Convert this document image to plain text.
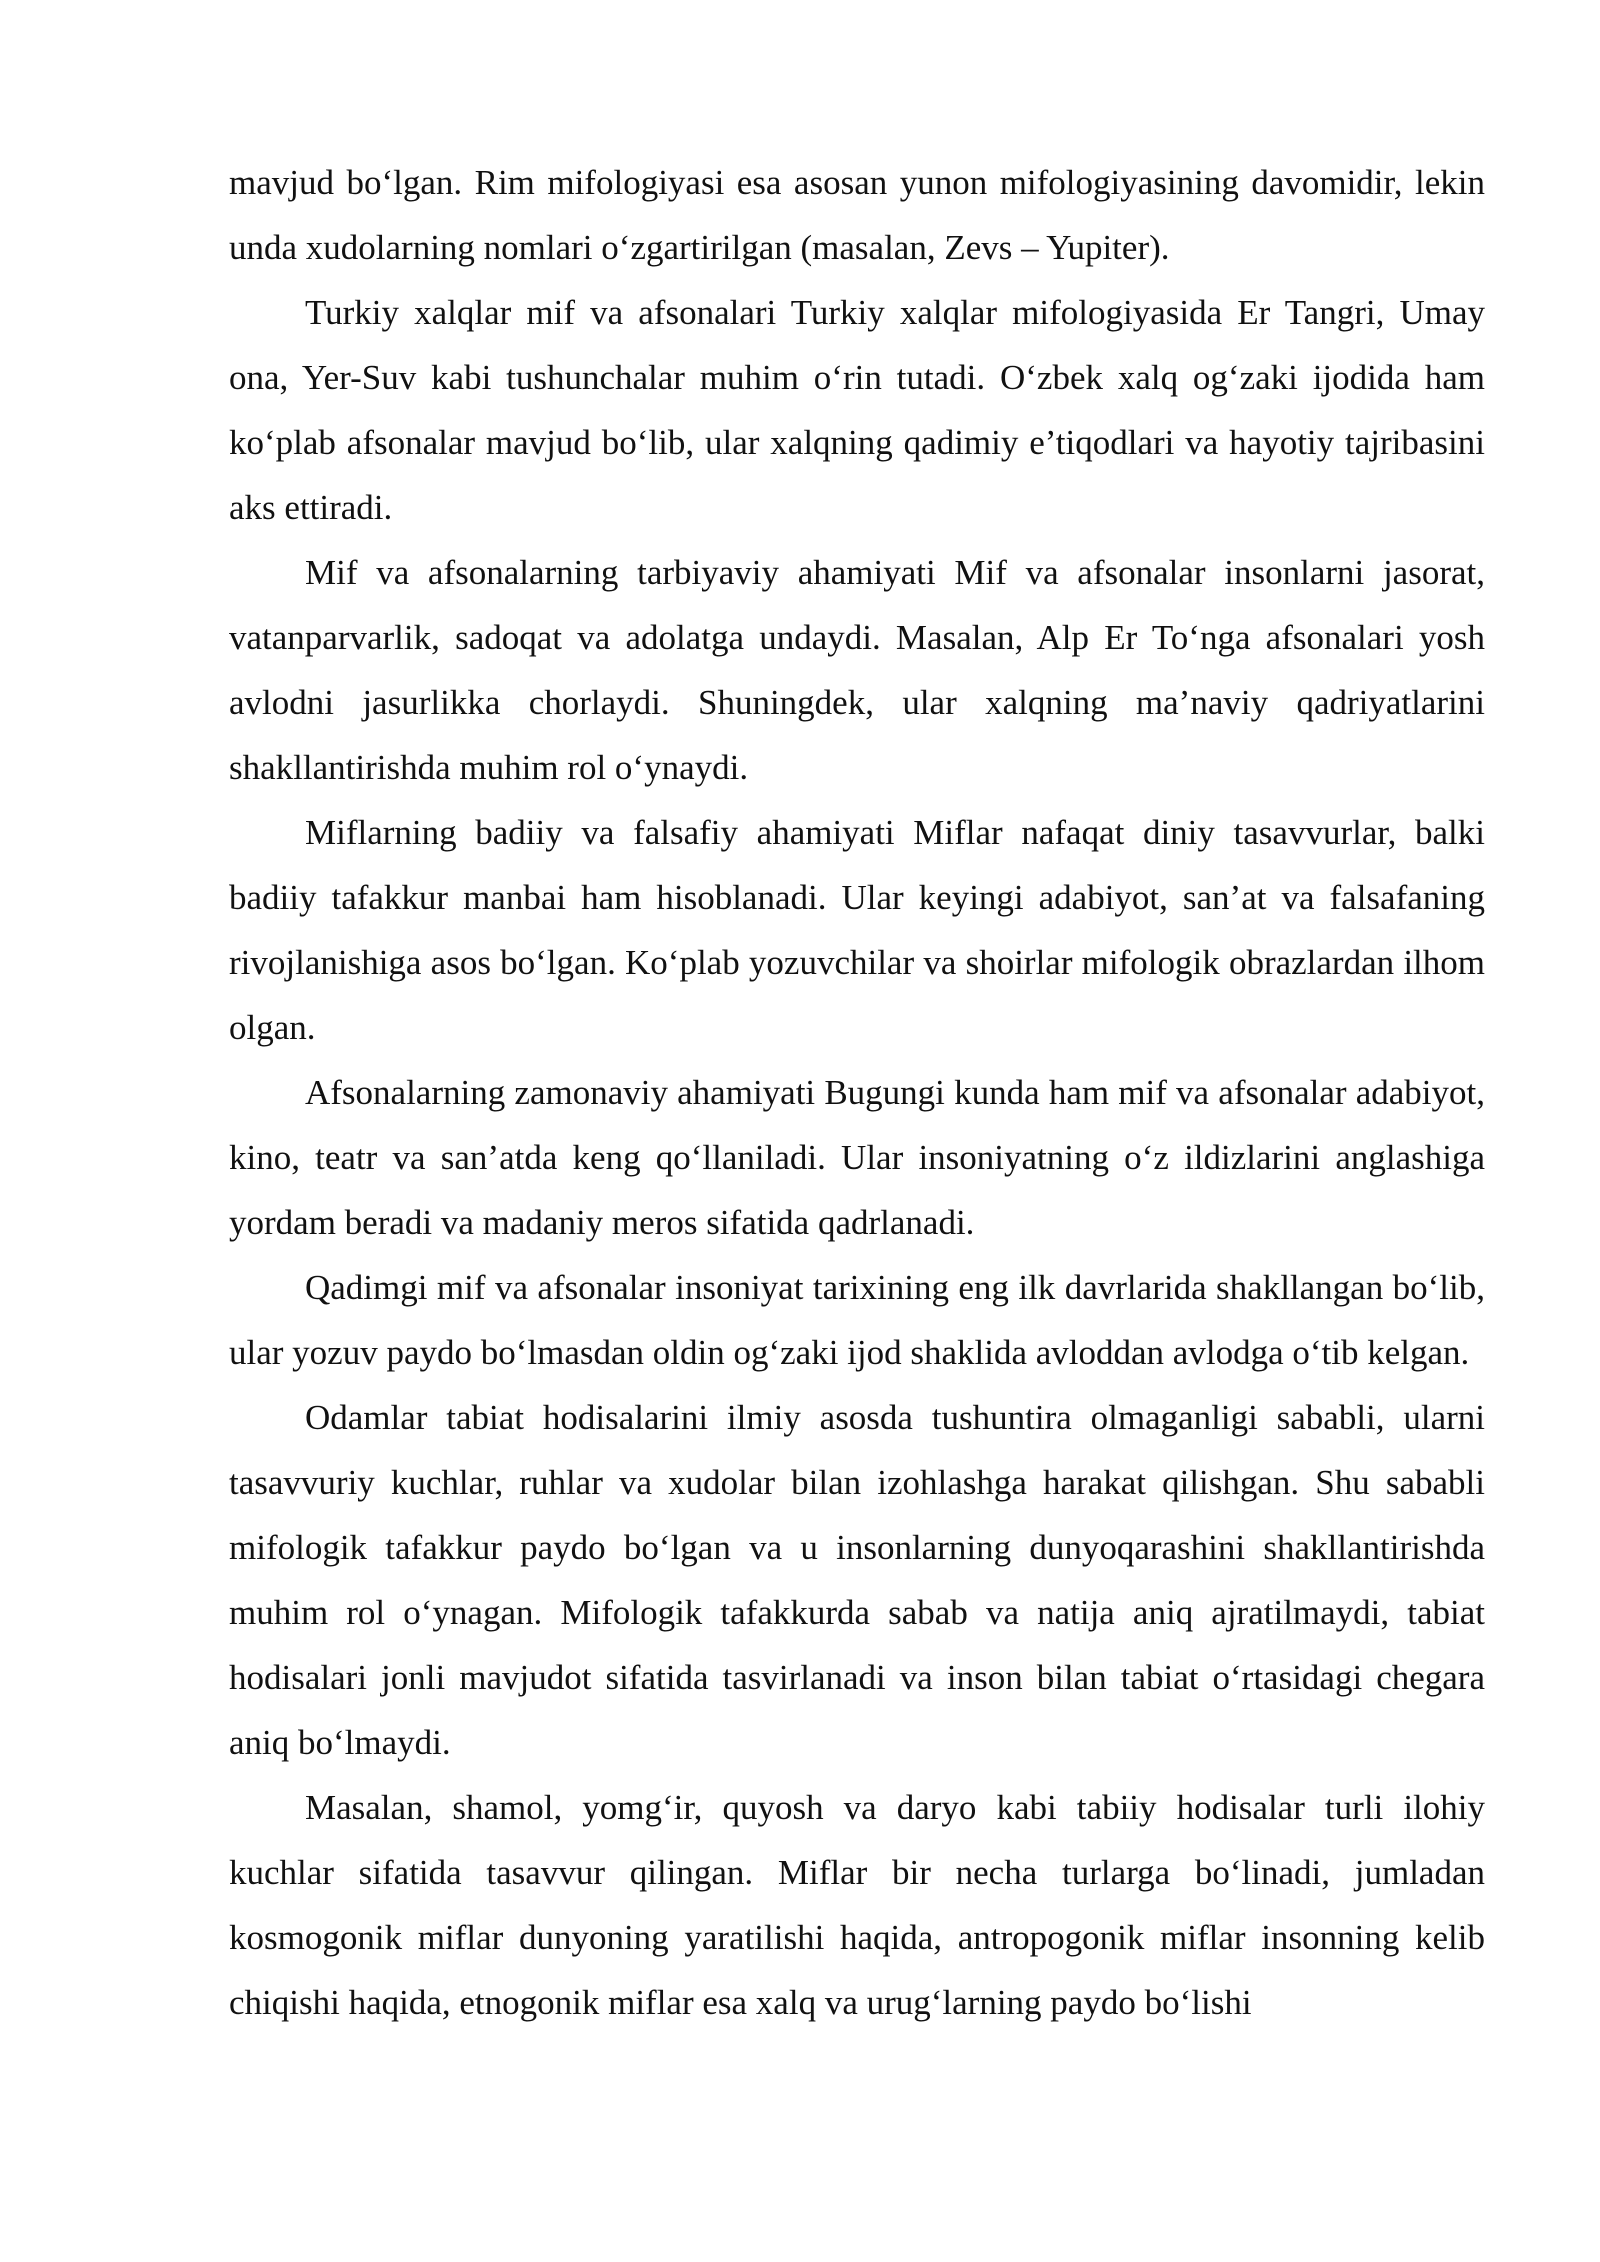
mavjud bo‘lgan. Rim mifologiyasi esa asosan yunon mifologiyasining davomidir, lekin unda xudolarning nomlari o‘zgartirilgan (masalan, Zevs – Yupiter).

Turkiy xalqlar mif va afsonalari Turkiy xalqlar mifologiyasida Er Tangri, Umay ona, Yer-Suv kabi tushunchalar muhim o‘rin tutadi. O‘zbek xalq og‘zaki ijodida ham ko‘plab afsonalar mavjud bo‘lib, ular xalqning qadimiy e’tiqodlari va hayotiy tajribasini aks ettiradi.

Mif va afsonalarning tarbiyaviy ahamiyati Mif va afsonalar insonlarni jasorat, vatanparvarlik, sadoqat va adolatga undaydi. Masalan, Alp Er To‘nga afsonalari yosh avlodni jasurlikka chorlaydi. Shuningdek, ular xalqning ma’naviy qadriyatlarini shakllantirishda muhim rol o‘ynaydi.

Miflarning badiiy va falsafiy ahamiyati Miflar nafaqat diniy tasavvurlar, balki badiiy tafakkur manbai ham hisoblanadi. Ular keyingi adabiyot, san’at va falsafaning rivojlanishiga asos bo‘lgan. Ko‘plab yozuvchilar va shoirlar mifologik obrazlardan ilhom olgan.

Afsonalarning zamonaviy ahamiyati Bugungi kunda ham mif va afsonalar adabiyot, kino, teatr va san’atda keng qo‘llaniladi. Ular insoniyatning o‘z ildizlarini anglashiga yordam beradi va madaniy meros sifatida qadrlanadi.

Qadimgi mif va afsonalar insoniyat tarixining eng ilk davrlarida shakllangan bo‘lib, ular yozuv paydo bo‘lmasdan oldin og‘zaki ijod shaklida avloddan avlodga o‘tib kelgan.

Odamlar tabiat hodisalarini ilmiy asosda tushuntira olmaganligi sababli, ularni tasavvuriy kuchlar, ruhlar va xudolar bilan izohlashga harakat qilishgan. Shu sababli mifologik tafakkur paydo bo‘lgan va u insonlarning dunyoqarashini shakllantirishda muhim rol o‘ynagan. Mifologik tafakkurda sabab va natija aniq ajratilmaydi, tabiat hodisalari jonli mavjudot sifatida tasvirlanadi va inson bilan tabiat o‘rtasidagi chegara aniq bo‘lmaydi.

Masalan, shamol, yomg‘ir, quyosh va daryo kabi tabiiy hodisalar turli ilohiy kuchlar sifatida tasavvur qilingan. Miflar bir necha turlarga bo‘linadi, jumladan kosmogonik miflar dunyoning yaratilishi haqida, antropogonik miflar insonning kelib chiqishi haqida, etnogonik miflar esa xalq va urug‘larning paydo bo‘lishi
